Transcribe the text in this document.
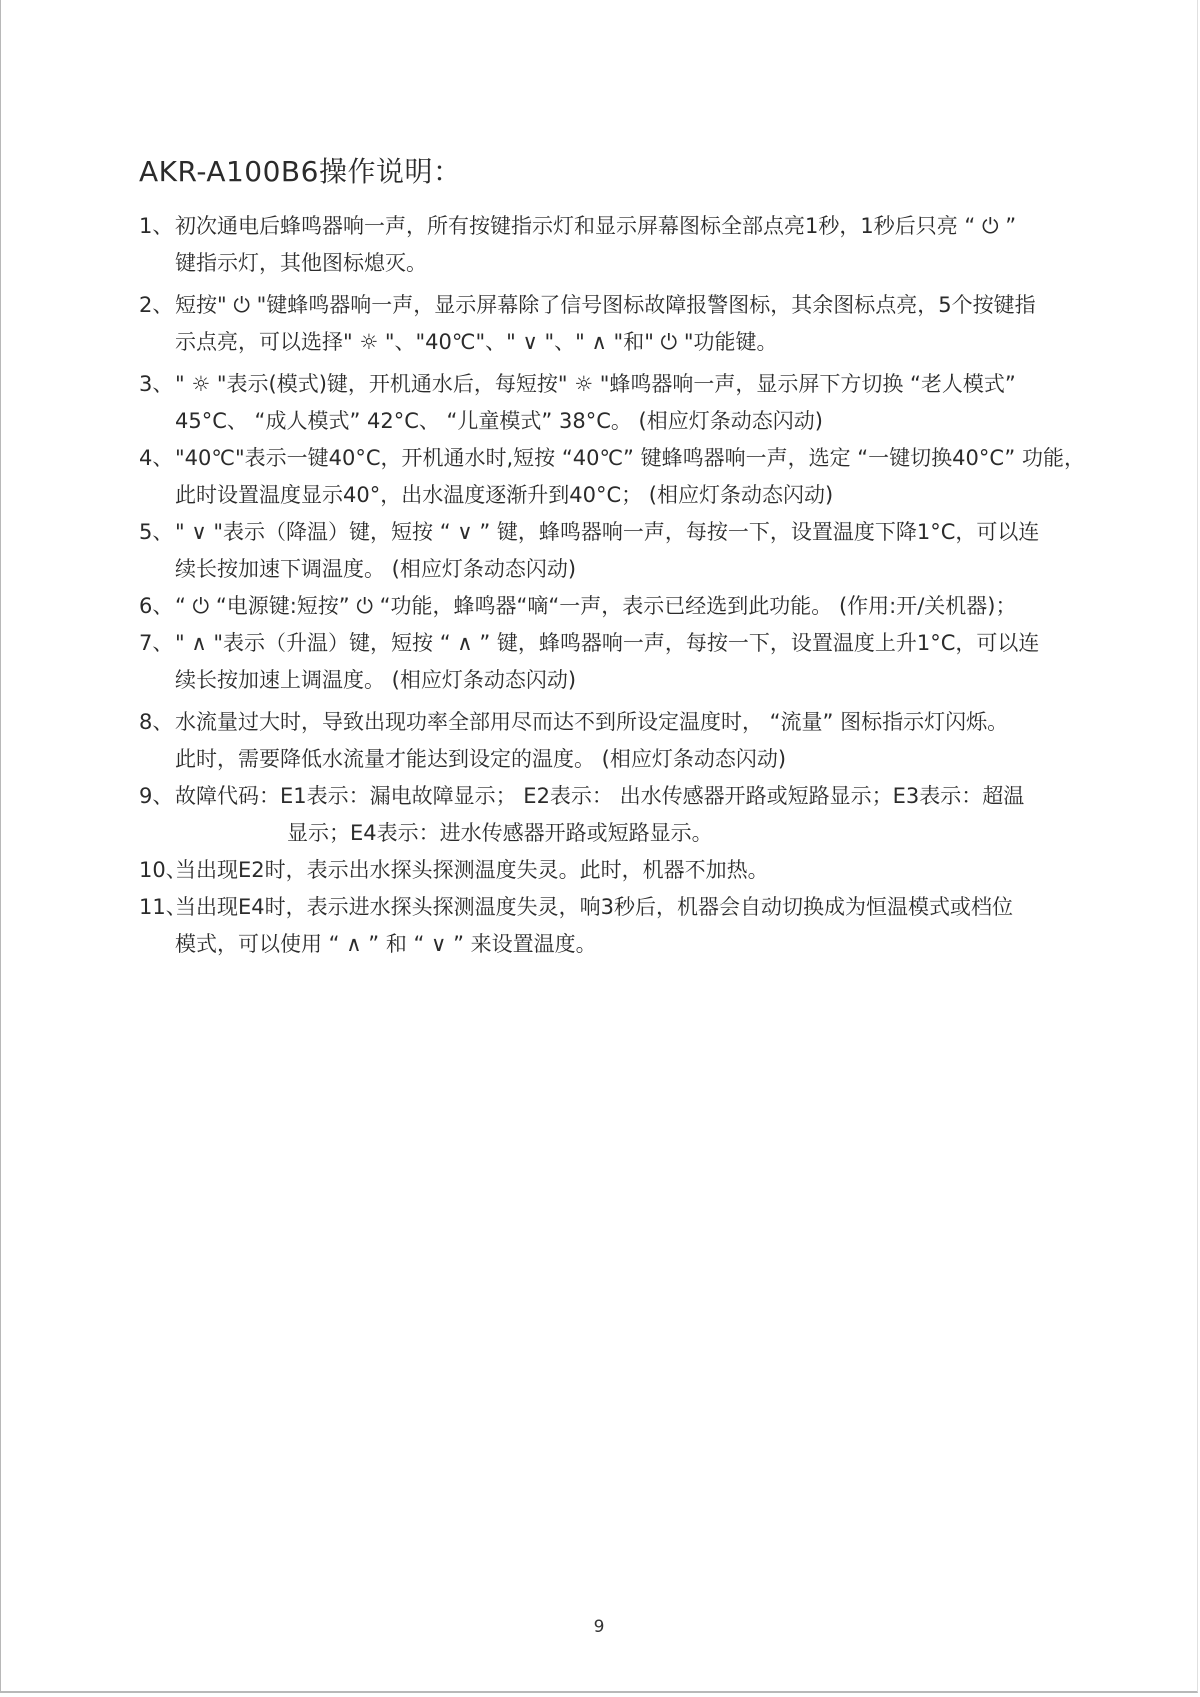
AKR-A100B6操作说明：
1、 初次通电后蜂鸣器响一声，所有按键指示灯和显示屏幕图标全部点亮1秒，1秒后只亮 “ ⏻ ”
键指示灯，其他图标熄灭。
2、 短按" ⏻ "键蜂鸣器响一声，显示屏幕除了信号图标故障报警图标，其余图标点亮，5个按键指
示点亮，可以选择" ☼ "、"40℃"、" ∨ "、" ∧ "和" ⏻ "功能键。
3、 " ☼ "表示(模式)键，开机通水后，每短按" ☼ "蜂鸣器响一声，显示屏下方切换 “老人模式”
45°C、 “成人模式” 42°C、 “儿童模式” 38°C。 (相应灯条动态闪动)
4、 "40℃"表示一键40°C，开机通水时,短按 “40℃” 键蜂鸣器响一声，选定 “一键切换40°C” 功能，
此时设置温度显示40°，出水温度逐渐升到40°C； (相应灯条动态闪动)
5、 " ∨ "表示（降温）键，短按 “ ∨ ” 键，蜂鸣器响一声，每按一下，设置温度下降1°C，可以连
续长按加速下调温度。 (相应灯条动态闪动)
6、 “ ⏻ “电源键:短按” ⏻ “功能，蜂鸣器“嘀“一声，表示已经选到此功能。 (作用:开/关机器)；
7、 " ∧ "表示（升温）键，短按 “ ∧ ” 键，蜂鸣器响一声，每按一下，设置温度上升1°C，可以连
续长按加速上调温度。 (相应灯条动态闪动)
8、 水流量过大时，导致出现功率全部用尽而达不到所设定温度时， “流量” 图标指示灯闪烁。
此时，需要降低水流量才能达到设定的温度。 (相应灯条动态闪动)
9、 故障代码：E1表示：漏电故障显示； E2表示： 出水传感器开路或短路显示；E3表示：超温
显示；E4表示：进水传感器开路或短路显示。
10、
当出现E2时，表示出水探头探测温度失灵。此时，机器不加热。
11、
当出现E4时，表示进水探头探测温度失灵，响3秒后，机器会自动切换成为恒温模式或档位
模式，可以使用 “ ∧ ” 和 “ ∨ ” 来设置温度。
9
